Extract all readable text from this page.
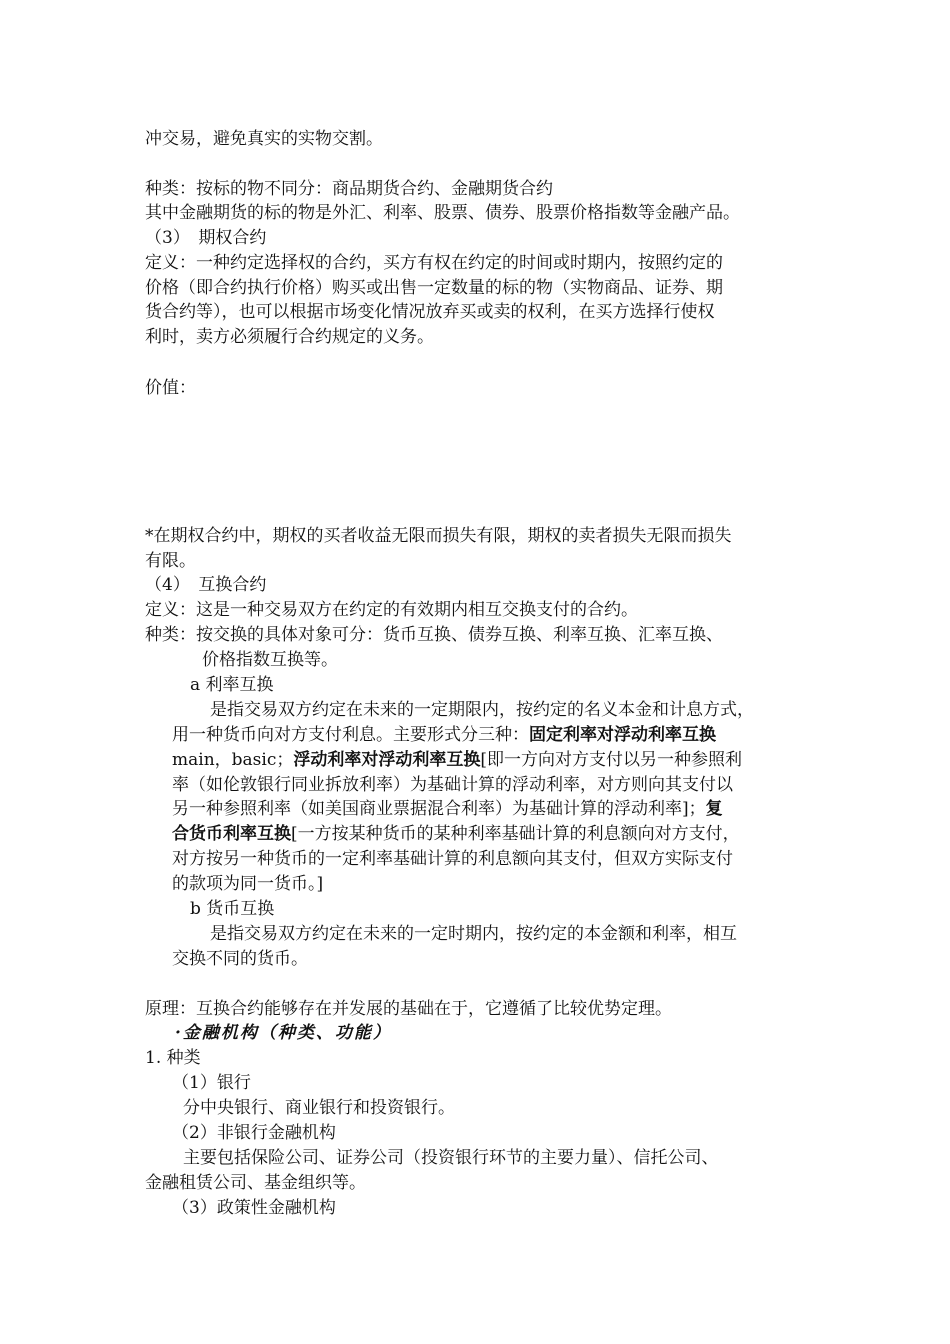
冲交易，避免真实的实物交割。
种类：按标的物不同分：商品期货合约、金融期货合约
其中金融期货的标的物是外汇、利率、股票、债券、股票价格指数等金融产品。
（3）　期权合约
定义：一种约定选择权的合约，买方有权在约定的时间或时期内，按照约定的
价格（即合约执行价格）购买或出售一定数量的标的物（实物商品、证券、期
货合约等），也可以根据市场变化情况放弃买或卖的权利，在买方选择行使权
利时，卖方必须履行合约规定的义务。
价值：
*在期权合约中，期权的买者收益无限而损失有限，期权的卖者损失无限而损失
有限。
（4）　互换合约
定义：这是一种交易双方在约定的有效期内相互交换支付的合约。
种类：按交换的具体对象可分：货币互换、债券互换、利率互换、汇率互换、
价格指数互换等。
a 利率互换
是指交易双方约定在未来的一定期限内，按约定的名义本金和计息方式，
用一种货币向对方支付利息。主要形式分三种：固定利率对浮动利率互换
main，basic；浮动利率对浮动利率互换[即一方向对方支付以另一种参照利
率（如伦敦银行同业拆放利率）为基础计算的浮动利率，对方则向其支付以
另一种参照利率（如美国商业票据混合利率）为基础计算的浮动利率]；复
合货币利率互换[一方按某种货币的某种利率基础计算的利息额向对方支付，
对方按另一种货币的一定利率基础计算的利息额向其支付，但双方实际支付
的款项为同一货币。]
b 货币互换
是指交易双方约定在未来的一定时期内，按约定的本金额和利率，相互
交换不同的货币。
原理：互换合约能够存在并发展的基础在于，它遵循了比较优势定理。
·金融机构（种类、功能）
1. 种类
（1）银行
分中央银行、商业银行和投资银行。
（2）非银行金融机构
主要包括保险公司、证券公司（投资银行环节的主要力量）、信托公司、
金融租赁公司、基金组织等。
（3）政策性金融机构
